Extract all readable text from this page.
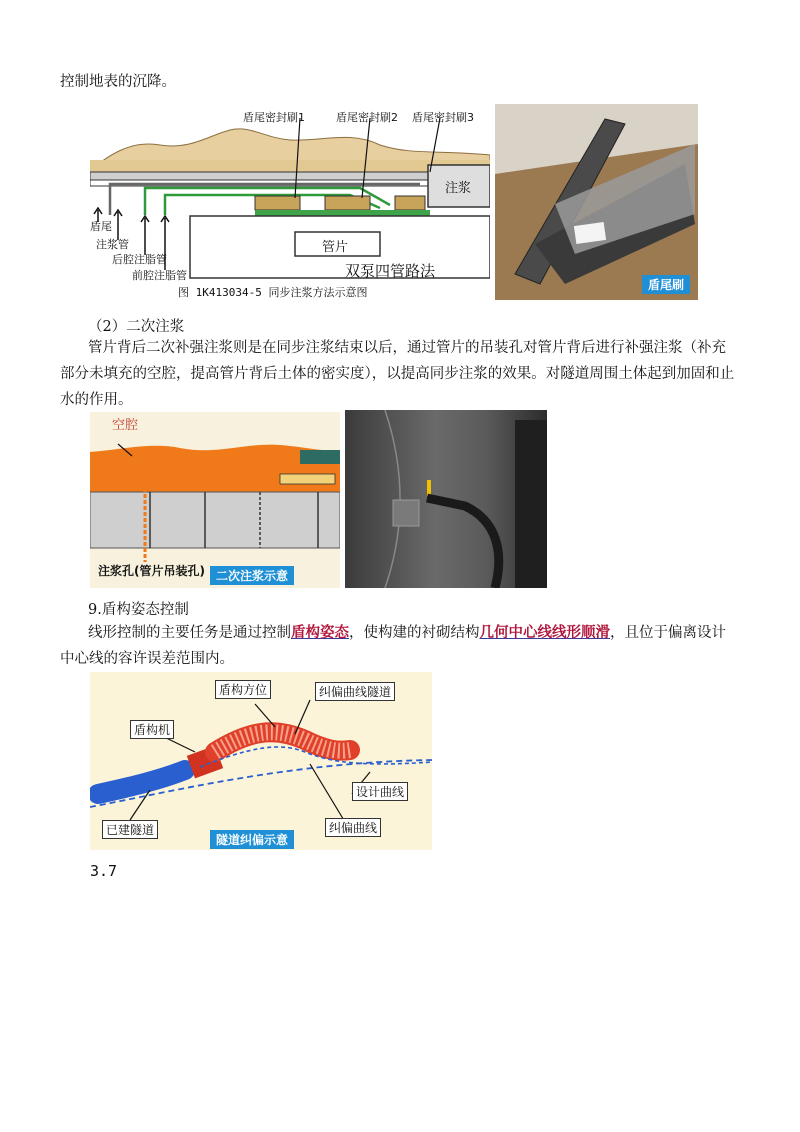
控制地表的沉降。
盾尾密封刷1	盾尾密封刷2 盾尾密封刷3
注浆
管片
双泵四管路法
盾尾
注浆管
后腔注脂管
前腔注脂管
图 1K413034-5 同步注浆方法示意图
盾尾刷
（2）二次注浆
管片背后二次补强注浆则是在同步注浆结束以后，通过管片的吊装孔对管片背后进行补强注浆（补充部分未填充的空腔，提高管片背后土体的密实度），以提高同步注浆的效果。对隧道周围土体起到加固和止水的作用。
空腔
注浆孔(管片吊装孔) 二次注浆示意
9.盾构姿态控制
线形控制的主要任务是通过控制盾构姿态，使构建的衬砌结构几何中心线线形顺滑，且位于偏离设计中心线的容许误差范围内。
盾构方位	纠偏曲线隧道
盾构机
设计曲线
已建隧道	纠偏曲线
隧道纠偏示意
3.7
